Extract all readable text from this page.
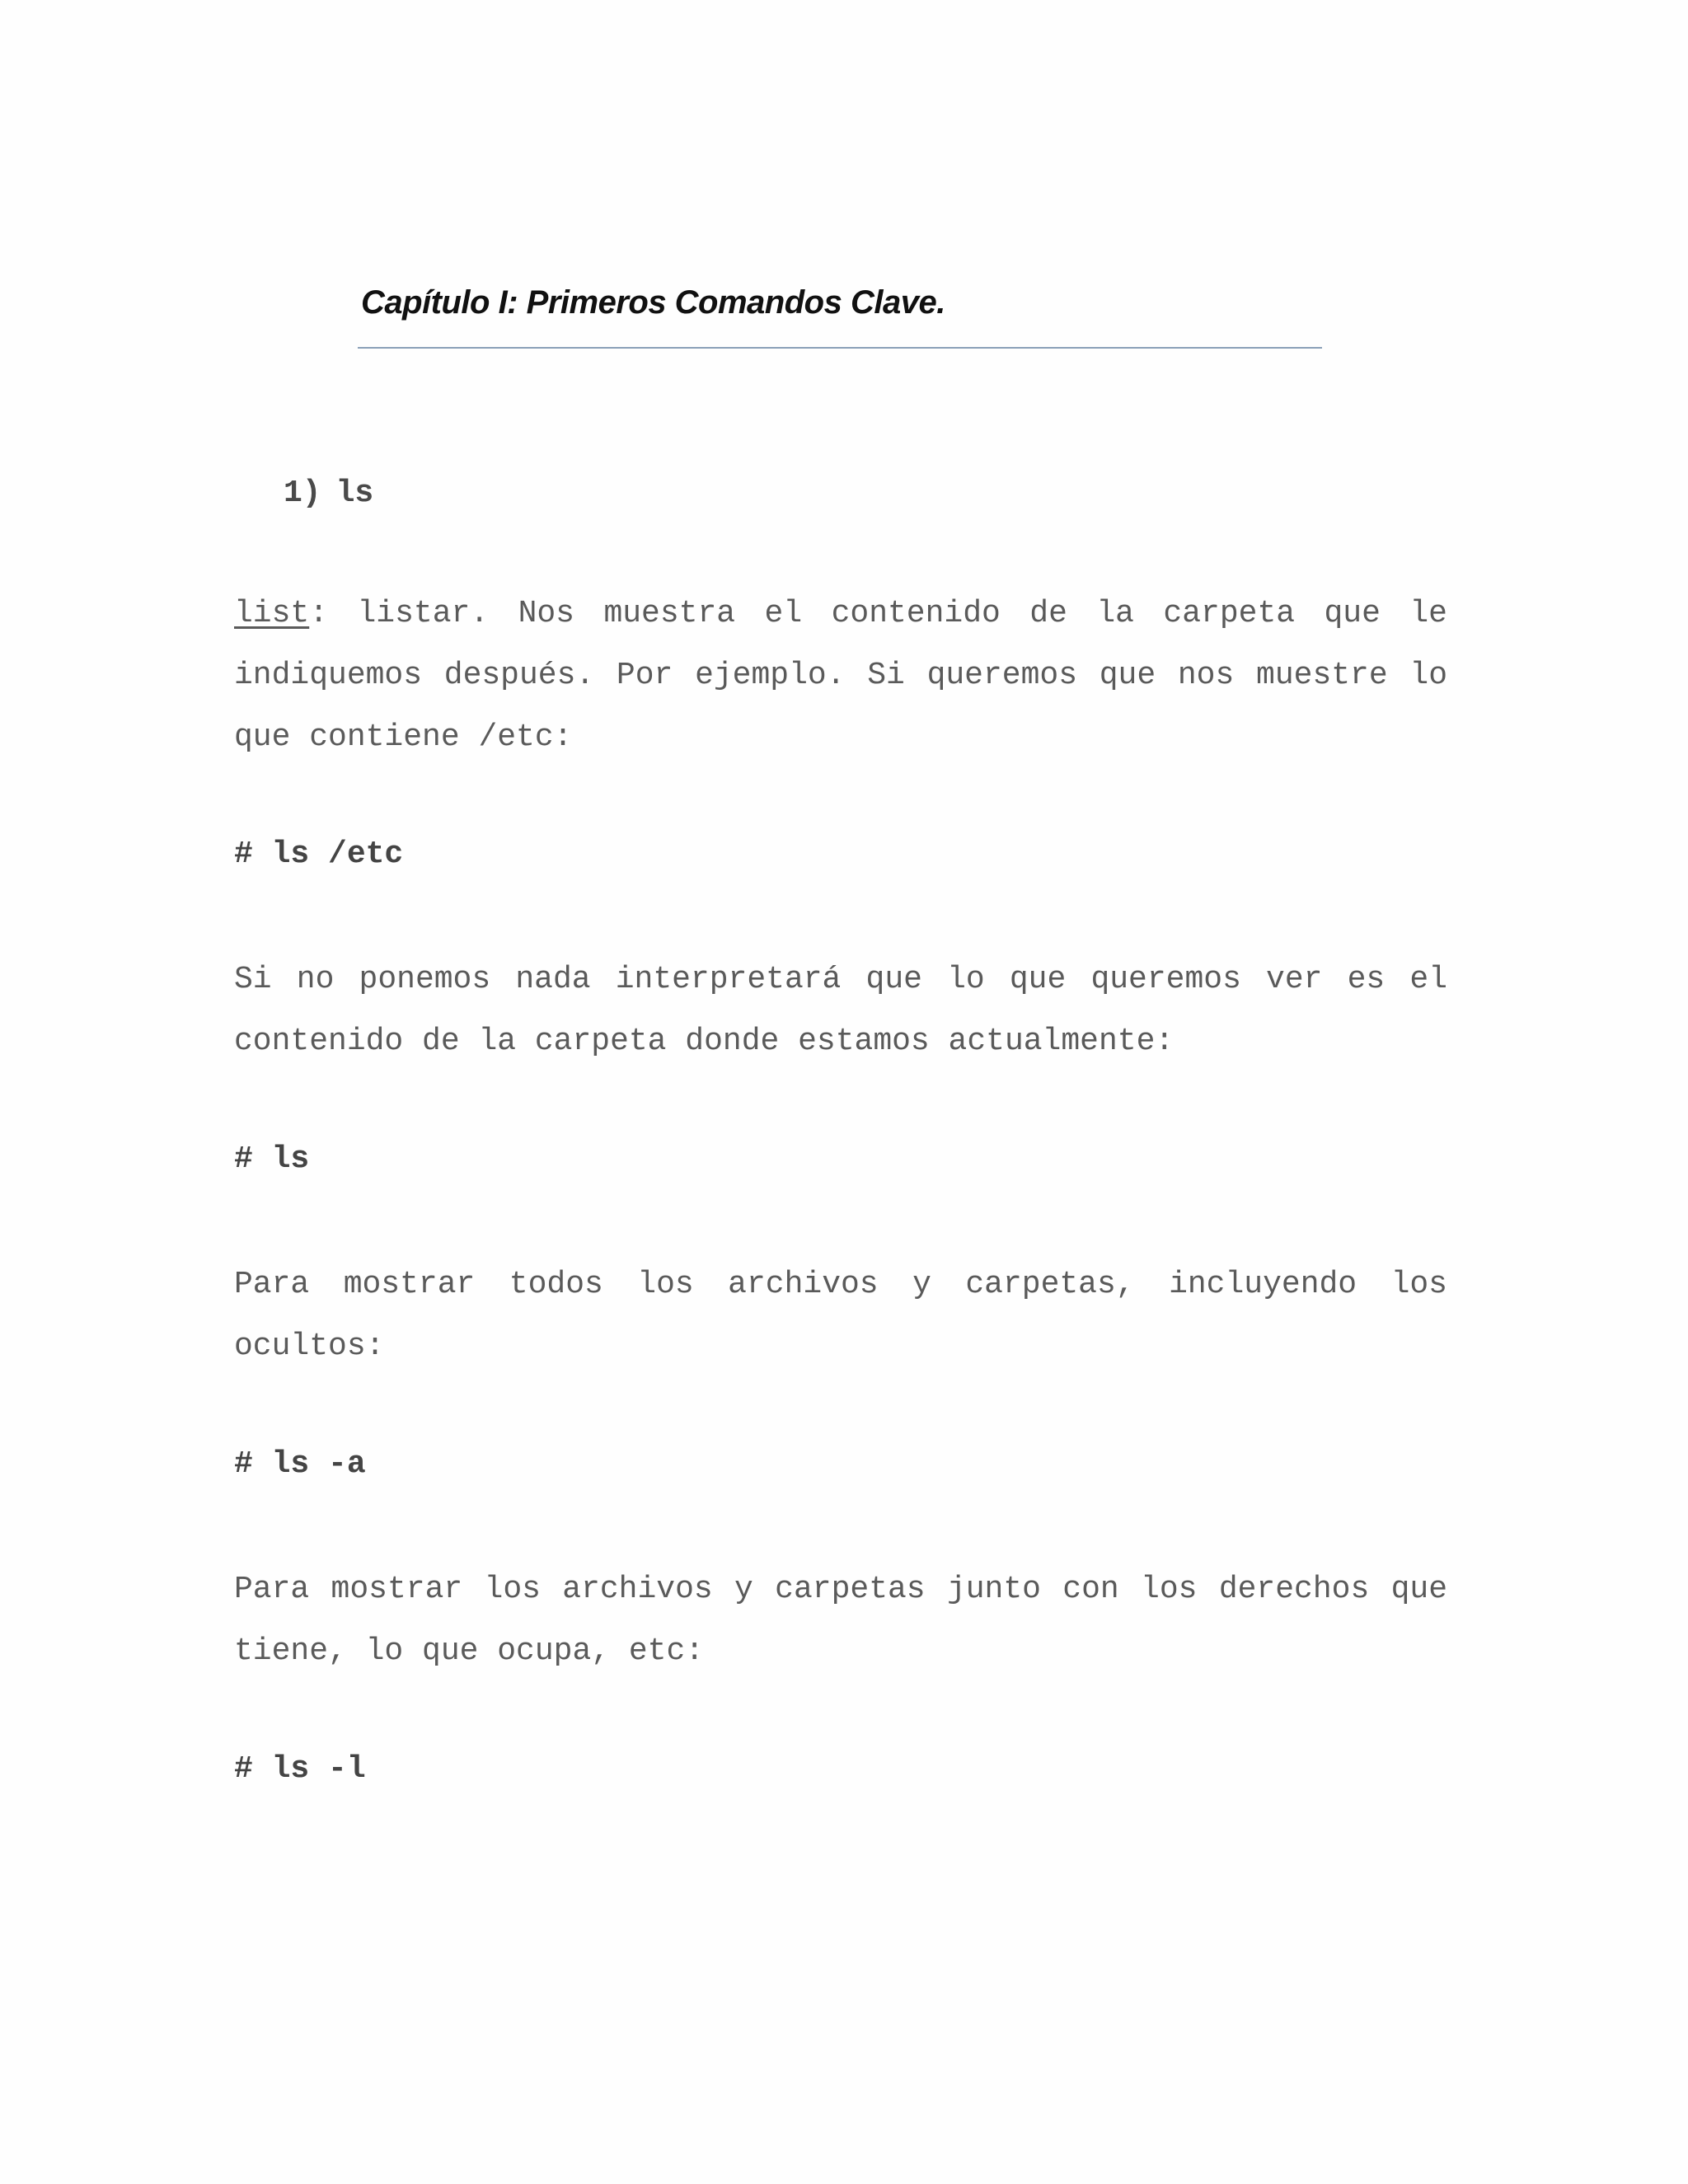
Capítulo I: Primeros Comandos Clave.
1) ls
list: listar. Nos muestra el contenido de la carpeta que le indiquemos después. Por ejemplo. Si queremos que nos muestre lo que contiene /etc:
# ls /etc
Si no ponemos nada interpretará que lo que queremos ver es el contenido de la carpeta donde estamos actualmente:
# ls
Para mostrar todos los archivos y carpetas, incluyendo los ocultos:
# ls -a
Para mostrar los archivos y carpetas junto con los derechos que tiene, lo que ocupa, etc:
# ls -l
